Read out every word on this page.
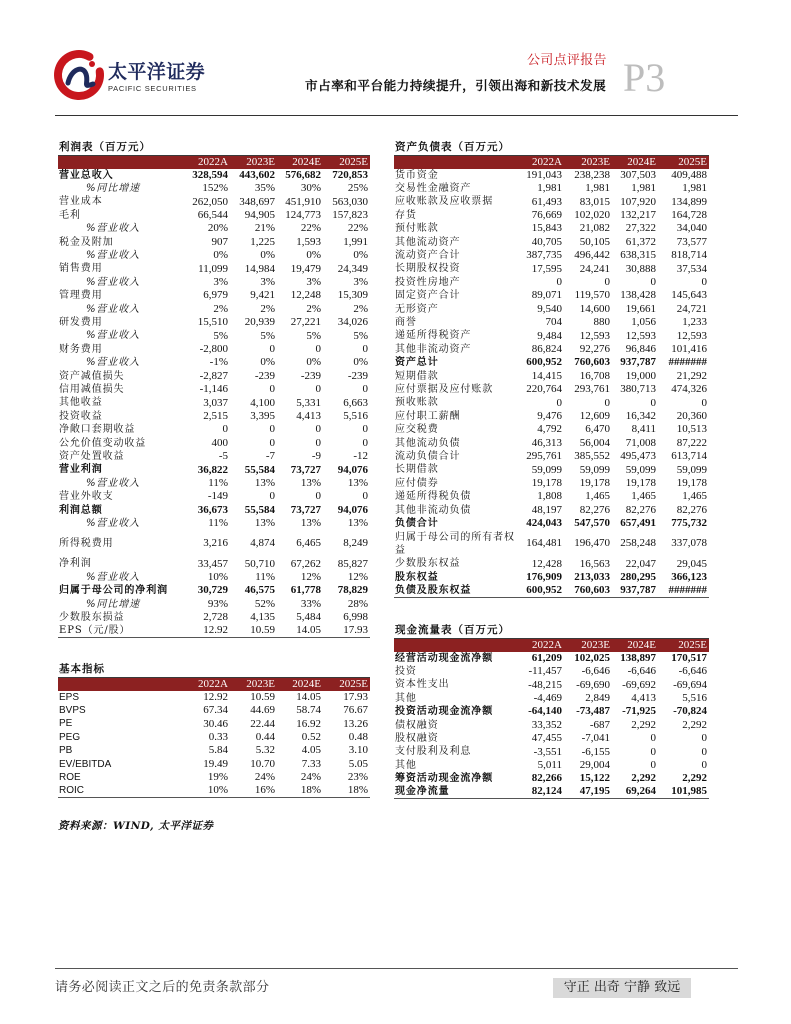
太平洋证券
PACIFIC SECURITIES
公司点评报告 P3
市占率和平台能力持续提升，引领出海和新技术发展
利润表（百万元）
2022A	2023E	2024E	2025E
营业总收入	328,594	443,602 576,682	720,853
%同比增速	152%	35%	30%	25%
营业成本	262,050	348,697 451,910	563,030
毛利	66,544	94,905 124,773	157,823
%营业收入	20%	21%	22%	22%
税金及附加	907	1,225	1,593	1,991
%营业收入	0%	0%	0%	0%
销售费用	11,099	14,984	19,479	24,349
%营业收入	3%	3%	3%	3%
管理费用	6,979	9,421	12,248	15,309
%营业收入	2%	2%	2%	2%
研发费用	15,510	20,939	27,221	34,026
%营业收入	5%	5%	5%	5%
财务费用	-2,800	0	0	0
%营业收入	-1%	0%	0%	0%
资产减值损失	-2,827	-239	-239	-239
信用减值损失	-1,146	0	0	0
其他收益	3,037	4,100	5,331	6,663
投资收益	2,515	3,395	4,413	5,516
净敞口套期收益	0	0	0	0
公允价值变动收益	400	0	0	0
资产处置收益	-5	-7	-9	-12
营业利润	36,822	55,584	73,727	94,076
%营业收入	11%	13%	13%	13%
营业外收支	-149	0	0	0
利润总额	36,673	55,584	73,727	94,076
%营业收入	11%	13%	13%	13%
所得税费用	3,216	4,874	6,465	8,249
净利润	33,457	50,710	67,262	85,827
%营业收入	10%	11%	12%	12%
归属于母公司的净利润	30,729	46,575	61,778	78,829
%同比增速	93%	52%	33%	28%
少数股东损益	2,728	4,135	5,484	6,998
EPS（元/股）	12.92	10.59	14.05	17.93
资产负债表（百万元）
2022A	2023E	2024E	2025E
货币资金	191,043	238,238 307,503	409,488
交易性金融资产	1,981	1,981	1,981	1,981
应收账款及应收票据	61,493	83,015 107,920	134,899
存货	76,669	102,020 132,217	164,728
预付账款	15,843	21,082	27,322	34,040
其他流动资产	40,705	50,105	61,372	73,577
流动资产合计	387,735	496,442 638,315	818,714
长期股权投资	17,595	24,241	30,888	37,534
投资性房地产	0	0	0	0
固定资产合计	89,071	119,570 138,428	145,643
无形资产	9,540	14,600	19,661	24,721
商誉	704	880	1,056	1,233
递延所得税资产	9,484	12,593	12,593	12,593
其他非流动资产	86,824	92,276	96,846	101,416
资产总计	600,952	760,603 937,787	#######
短期借款	14,415	16,708	19,000	21,292
应付票据及应付账款	220,764	293,761 380,713	474,326
预收账款	0	0	0	0
应付职工薪酬	9,476	12,609	16,342	20,360
应交税费	4,792	6,470	8,411	10,513
其他流动负债	46,313	56,004	71,008	87,222
流动负债合计	295,761	385,552 495,473	613,714
长期借款	59,099	59,099	59,099	59,099
应付债券	19,178	19,178	19,178	19,178
递延所得税负债	1,808	1,465	1,465	1,465
其他非流动负债	48,197	82,276	82,276	82,276
负债合计	424,043	547,570 657,491	775,732
归属于母公司的所有者权益
164,481	196,470 258,248	337,078
少数股东权益	12,428	16,563	22,047	29,045
股东权益	176,909	213,033 280,295	366,123
负债及股东权益	600,952	760,603 937,787	#######
现金流量表（百万元）
2022A	2023E	2024E	2025E
经营活动现金流净额	61,209	102,025 138,897	170,517
投资	-11,457	-6,646	-6,646	-6,646
资本性支出	-48,215	-69,690	-69,692	-69,694
其他	-4,469	2,849	4,413	5,516
投资活动现金流净额	-64,140	-73,487	-71,925	-70,824
债权融资	33,352	-687	2,292	2,292
股权融资	47,455	-7,041	0	0
支付股利及利息	-3,551	-6,155	0	0
其他	5,011	29,004	0	0
筹资活动现金流净额	82,266	15,122	2,292	2,292
现金净流量	82,124	47,195	69,264	101,985
基本指标
2022A	2023E	2024E	2025E
EPS	12.92	10.59	14.05	17.93
BVPS	67.34	44.69	58.74	76.67
PE	30.46	22.44	16.92	13.26
PEG	0.33	0.44	0.52	0.48
PB	5.84	5.32	4.05	3.10
EV/EBITDA	19.49	10.70	7.33	5.05
ROE	19%	24%	24%	23%
ROIC	10%	16%	18%	18%
资料来源：WIND, 太平洋证券
请务必阅读正文之后的免责条款部分	守正 出奇 宁静 致远
